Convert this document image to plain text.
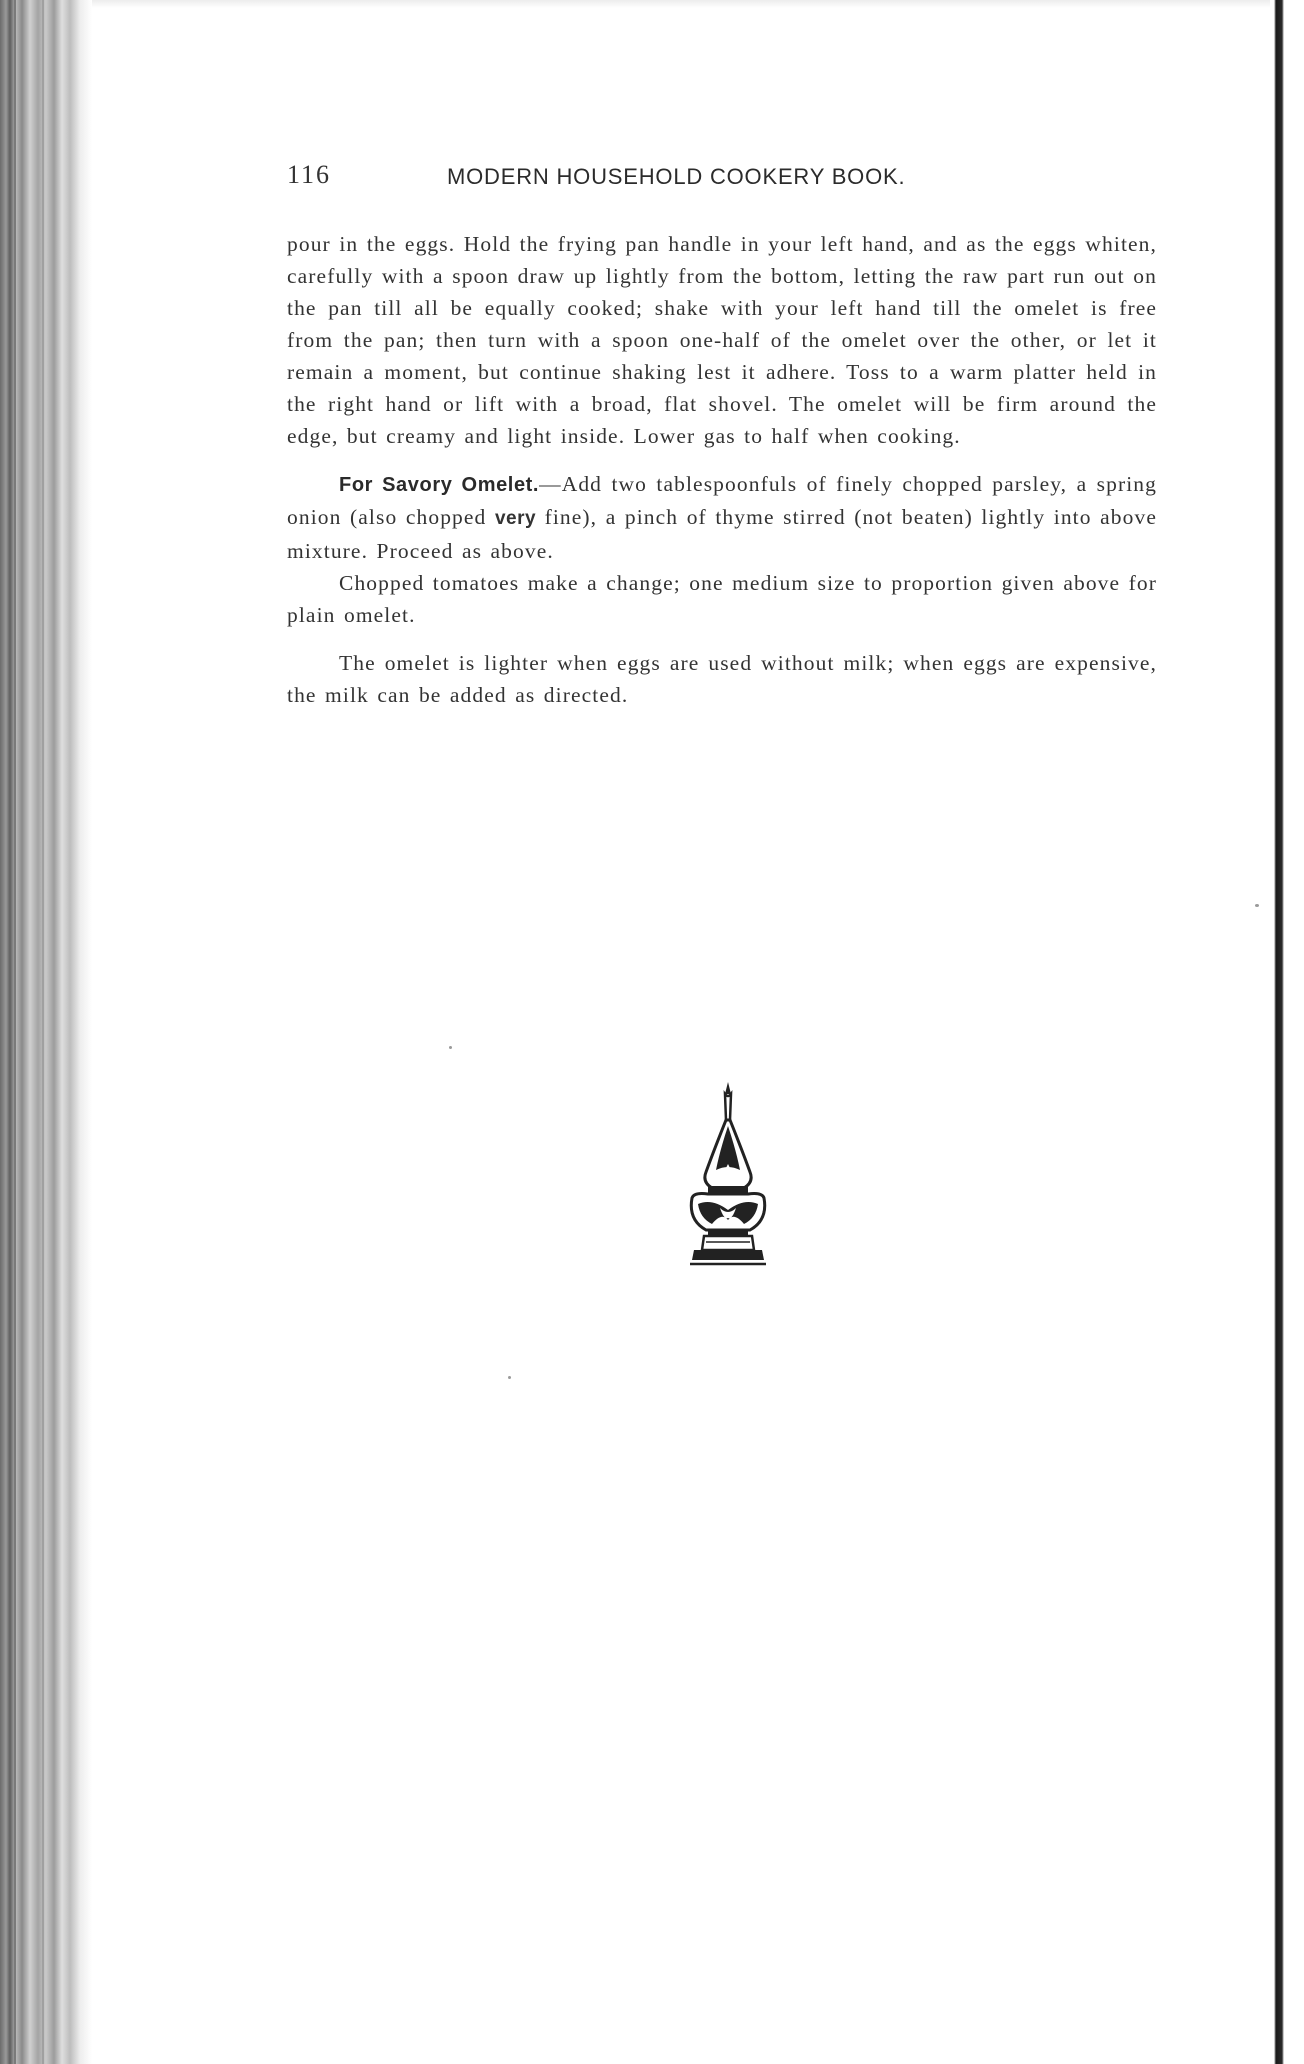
116	MODERN HOUSEHOLD COOKERY BOOK.

pour in the eggs. Hold the frying pan handle in your left hand, and as the eggs whiten, carefully with a spoon draw up lightly from the bottom, letting the raw part run out on the pan till all be equally cooked; shake with your left hand till the omelet is free from the pan; then turn with a spoon one-half of the omelet over the other, or let it remain a moment, but continue shaking lest it adhere. Toss to a warm platter held in the right hand or lift with a broad, flat shovel. The omelet will be firm around the edge, but creamy and light inside. Lower gas to half when cooking.

For Savory Omelet.—Add two tablespoonfuls of finely chopped parsley, a spring onion (also chopped very fine), a pinch of thyme stirred (not beaten) lightly into above mixture. Proceed as above.

Chopped tomatoes make a change; one medium size to proportion given above for plain omelet.

The omelet is lighter when eggs are used without milk; when eggs are expensive, the milk can be added as directed.
